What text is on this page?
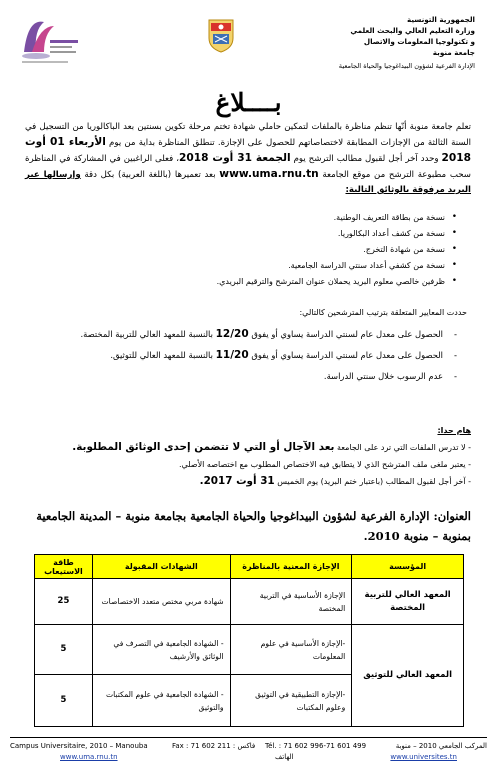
الجمهورية التونسية
وزارة التعليم العالي والبحث العلمي
و تكنولوجيا المعلومات والاتصال
جامعة منوبة
الإدارة الفرعية لشؤون البيداغوجيا والحياة الجامعية
بــــلاغ
تعلم جامعة منوبة أنّها تنظم مناظرة بالملفات لتمكين حاملي شهادة تختم مرحلة تكوين بسنتين بعد الباكالوريا من التسجيل في السنة الثالثة من الإجازات المطابقة لاختصاصاتهم للحصول على الإجازة. تنطلق المناظرة بداية من يوم الأربعاء 01 أوت 2018 وحدد آخر أجل لقبول مطالب الترشح يوم الجمعة 31 أوت 2018، فعلى الراغبين في المشاركة في المناظرة سحب مطبوعة الترشح من موقع الجامعة www.uma.rnu.tn بعد تعميرها (باللغة العربية) بكل دقة وإرسالها عبر البريد مرفوقة بالوثائق التالية:
• نسخة من بطاقة التعريف الوطنية.
• نسخة من كشف أعداد البكالوريا.
• نسخة من شهادة التخرج.
• نسخة من كشفي أعداد سنتي الدراسة الجامعية.
• ظرفين خالصي معلوم البريد يحملان عنوان المترشح والترقيم البريدي.
حددت المعايير المتعلقة بترتيب المترشحين كالتالي:
- الحصول على معدل عام لسنتي الدراسة يساوي أو يفوق 12/20 بالنسبة للمعهد العالي للتربية المختصة.
- الحصول على معدل عام لسنتي الدراسة يساوي أو يفوق 11/20 بالنسبة للمعهد العالي للتوثيق.
- عدم الرسوب خلال سنتي الدراسة.
هام جدا:
- لا تدرس الملفات التي ترد على الجامعة بعد الآجال أو التي لا تتضمن إحدى الوثائق المطلوبة.
- يعتبر ملغى ملف المترشح الذي لا يتطابق فيه الاختصاص المطلوب مع اختصاصه الأصلي.
- آخر أجل لقبول المطالب (باعتبار ختم البريد) يوم الخميس 31 أوت 2017.
العنوان: الإدارة الفرعية لشؤون البيداغوجيا والحياة الجامعية بجامعة منوبة – المدينة الجامعية بمنوبة – منوبة 2010.
المؤسسة	الإجازة المعنية بالمناظرة	الشهادات المقبولة	طاقة الاستيعاب
المعهد العالي للتربية المختصة	الإجازة الأساسية في التربية المختصة	شهادة مربي مختص متعدد الاختصاصات	25
المعهد العالي للتوثيق	-الإجازة الأساسية في علوم المعلومات	- الشهادة الجامعية في التصرف في الوثائق والأرشيف	5
	-الإجازة التطبيقية في التوثيق وعلوم المكتبات	- الشهادة الجامعية في علوم المكتبات والتوثيق	5
Campus Universitaire, 2010 – Manouba	Fax : 71 602 211 : فاكس Tél. : 71 602 996-71 601 499	المركب الجامعي 2010 – منوبة
www.uma.rnu.tn	الهاتف	www.universites.tn
